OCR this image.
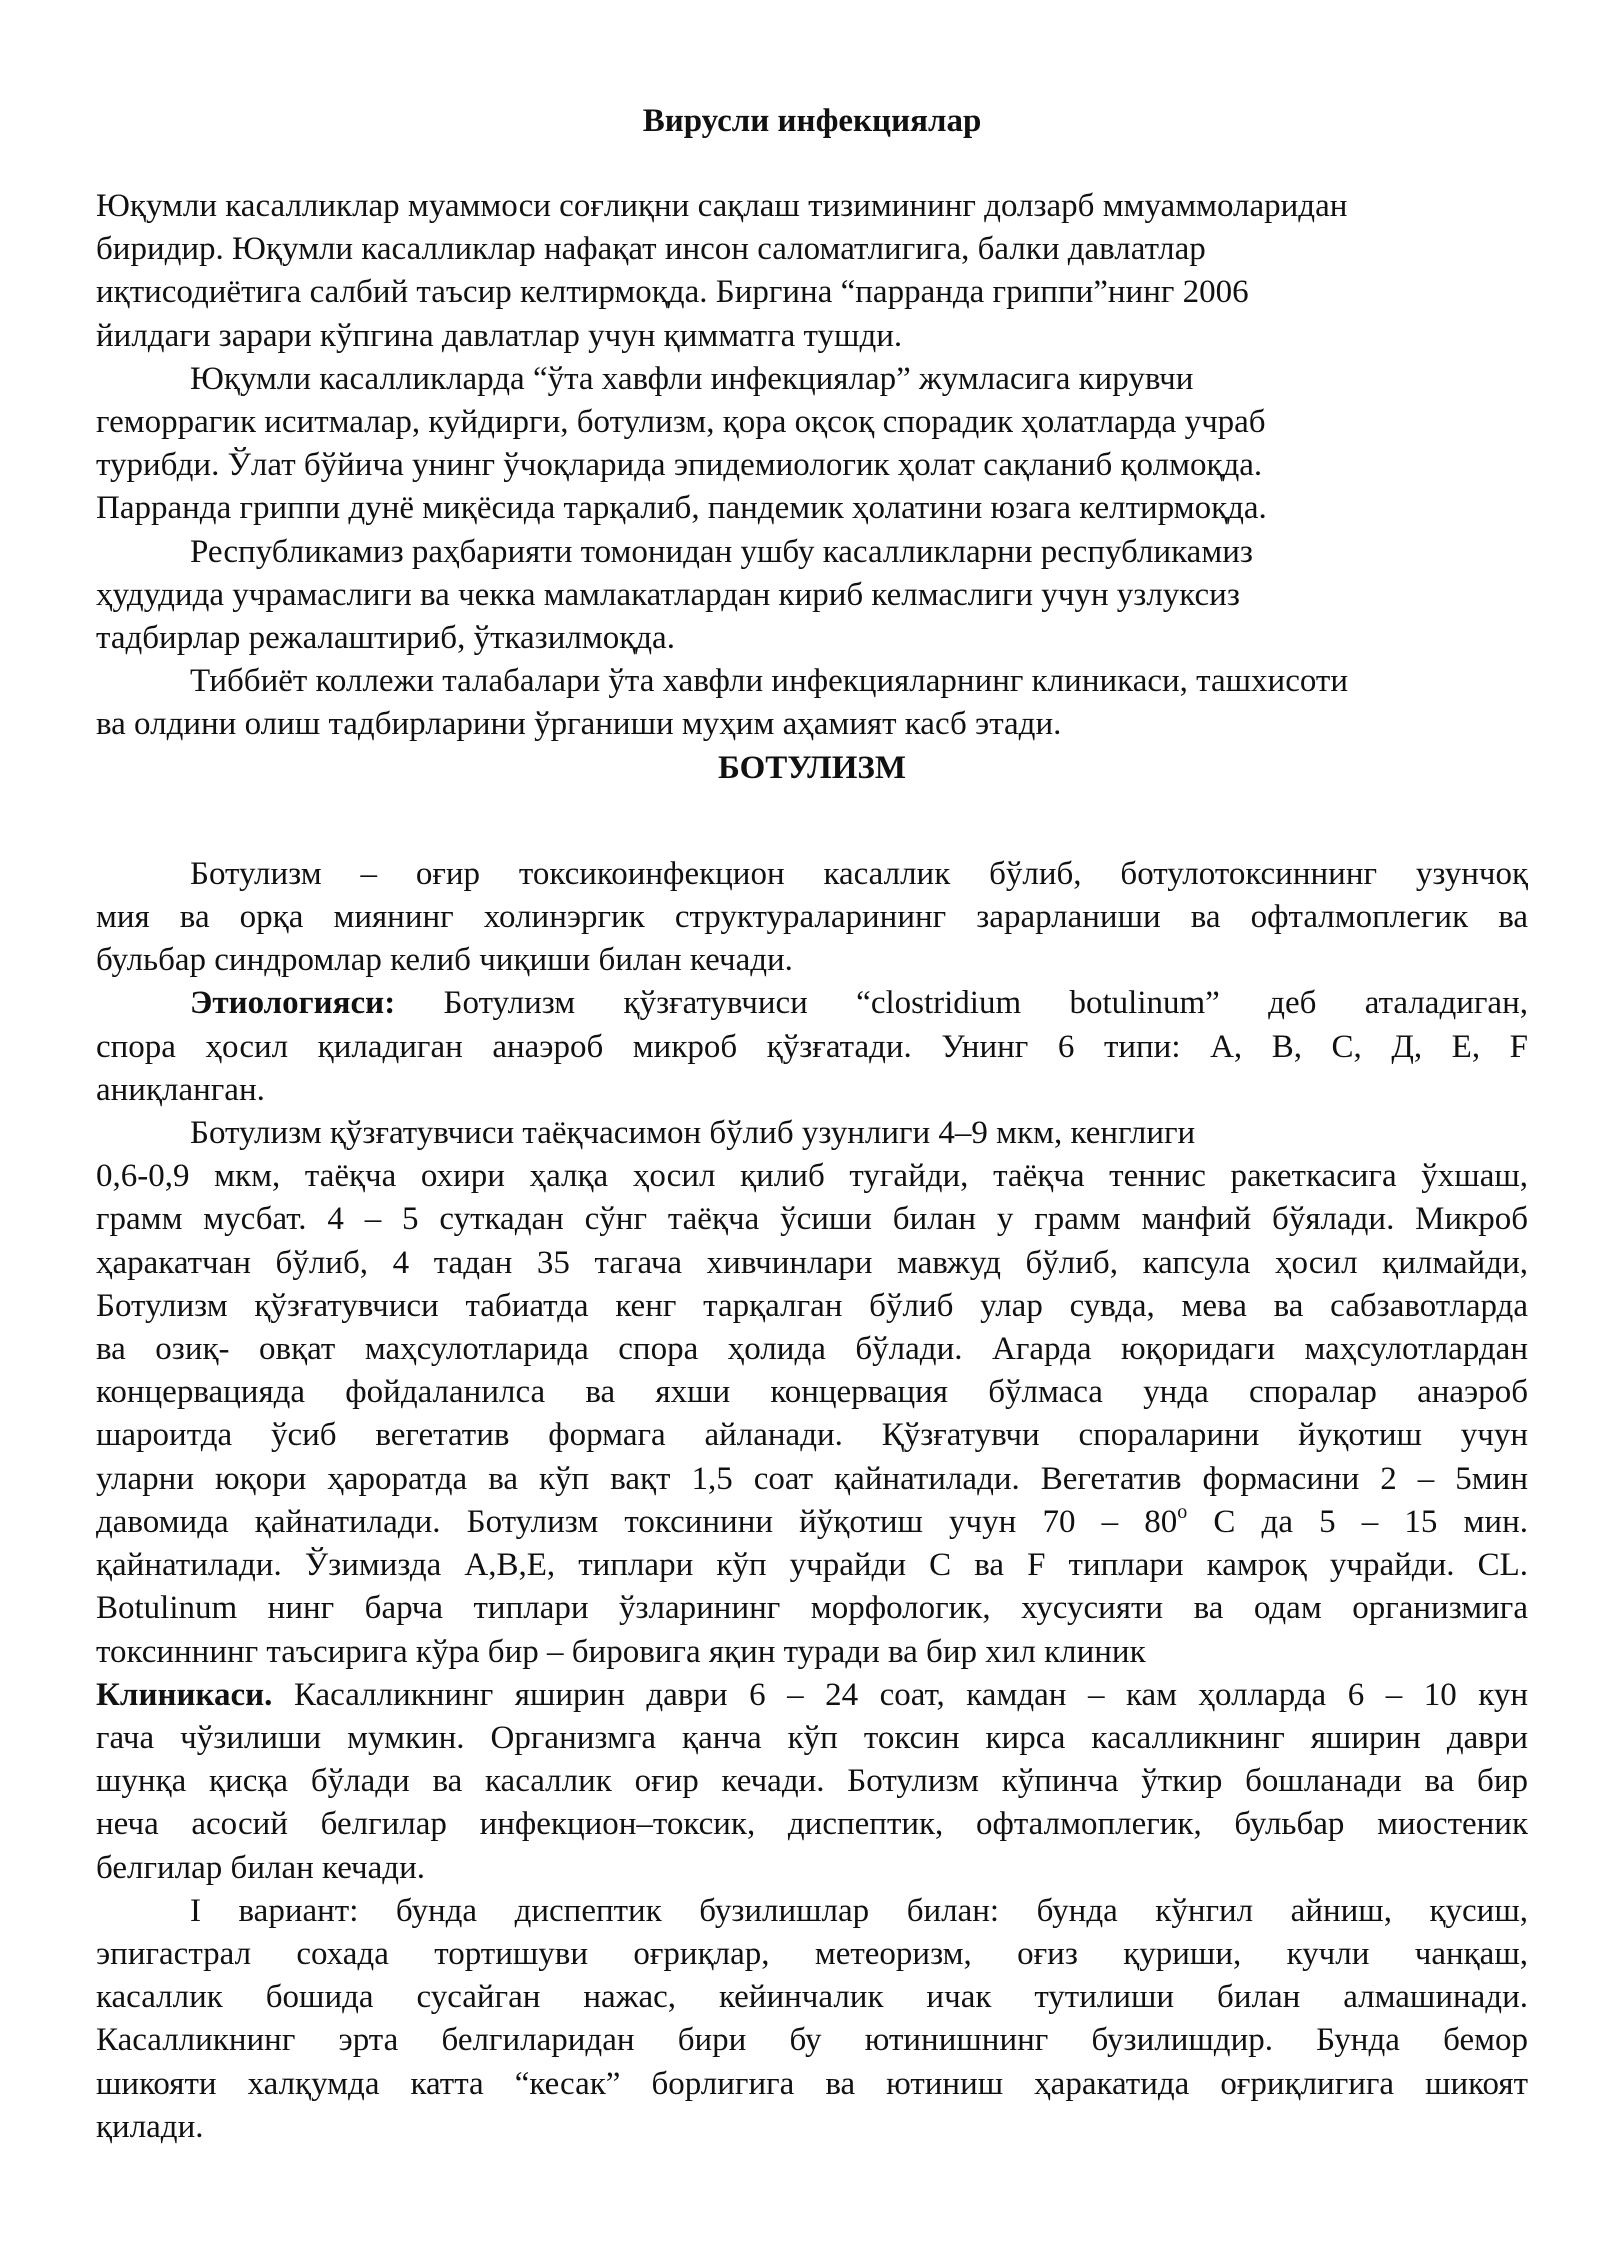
Вирусли инфекциялар

Юқумли касалликлар муаммоси соғлиқни сақлаш тизимининг долзарб ммуаммоларидан
биридир. Юқумли касалликлар нафақат инсон саломатлигига, балки давлатлар
иқтисодиётига салбий таъсир келтирмоқда. Биргина “парранда гриппи”нинг 2006
йилдаги зарари кўпгина давлатлар учун қимматга тушди.

Юқумли касалликларда “ўта хавфли инфекциялар” жумласига кирувчи
геморрагик иситмалар, куйдирги, ботулизм, қора оқсоқ спорадик ҳолатларда учраб
турибди. Ўлат бўйича унинг ўчоқларида эпидемиологик ҳолат сақланиб қолмоқда.
Парранда гриппи дунё миқёсида тарқалиб, пандемик ҳолатини юзага келтирмоқда.

Республикамиз раҳбарияти томонидан ушбу касалликларни республикамиз
ҳудудида учрамаслиги ва чекка мамлакатлардан кириб келмаслиги учун узлуксиз
тадбирлар режалаштириб, ўтказилмоқда.

Тиббиёт коллежи талабалари ўта хавфли инфекцияларнинг клиникаси, ташхисоти
ва олдини олиш тадбирларини ўрганиши муҳим аҳамият касб этади.

БОТУЛИЗМ

Ботулизм – оғир токсикоинфекцион касаллик бўлиб, ботулотоксиннинг узунчоқ
мия ва орқа миянинг холинэргик структураларининг зарарланиши ва офталмоплегик ва
бульбар синдромлар келиб чиқиши билан кечади.

Этиологияси: Ботулизм қўзғатувчиси “clostridium botulinum” деб аталадиган,
спора ҳосил қиладиган анаэроб микроб қўзғатади. Унинг 6 типи: А, В, С, Д, Е, F
аниқланган.

Ботулизм қўзғатувчиси таёқчасимон бўлиб узунлиги 4–9 мкм, кенглиги
0,6-0,9 мкм, таёқча охири ҳалқа ҳосил қилиб тугайди, таёқча теннис ракеткасига ўхшаш,
грамм мусбат. 4 – 5 суткадан сўнг таёқча ўсиши билан у грамм манфий бўялади. Микроб
ҳаракатчан бўлиб, 4 тадан 35 тагача хивчинлари мавжуд бўлиб, капсула ҳосил қилмайди,
Ботулизм қўзғатувчиси табиатда кенг тарқалган бўлиб улар сувда, мева ва сабзавотларда
ва озиқ- овқат маҳсулотларида спора ҳолида бўлади. Агарда юқоридаги маҳсулотлардан
концервацияда фойдаланилса ва яхши концервация бўлмаса унда споралар анаэроб
шароитда ўсиб вегетатив формага айланади. Қўзғатувчи спораларини йуқотиш учун
уларни юқори ҳароратда ва кўп вақт 1,5 соат қайнатилади. Вегетатив формасини 2 – 5мин
давомида қайнатилади. Ботулизм токсинини йўқотиш учун $70 - 80^о$ С да 5 – 15 мин.
қайнатилади. Ўзимизда А,В,Е, типлари кўп учрайди С ва F типлари камроқ учрайди. CL.
Botulinum нинг барча типлари ўзларининг морфологик, хусусияти ва одам организмига
токсиннинг таъсирига кўра бир – бировига яқин туради ва бир хил клиник

Клиникаси. Касалликнинг яширин даври 6 – 24 соат, камдан – кам ҳолларда 6 – 10 кун
гача чўзилиши мумкин. Организмга қанча кўп токсин кирса касалликнинг яширин даври
шунқа қисқа бўлади ва касаллик оғир кечади. Ботулизм кўпинча ўткир бошланади ва бир
неча асосий белгилар инфекцион–токсик, диспептик, офталмоплегик, бульбар миостеник
белгилар билан кечади.

I вариант: бунда диспептик бузилишлар билан: бунда кўнгил айниш, қусиш,
эпигастрал сохада тортишуви оғриқлар, метеоризм, оғиз қуриши, кучли чанқаш,
касаллик бошида сусайган нажас, кейинчалик ичак тутилиши билан алмашинади.
Касалликнинг эрта белгиларидан бири бу ютинишнинг бузилишдир. Бунда бемор
шикояти халқумда катта “кесак” борлигига ва ютиниш ҳаракатида оғриқлигига шикоят
қилади.
